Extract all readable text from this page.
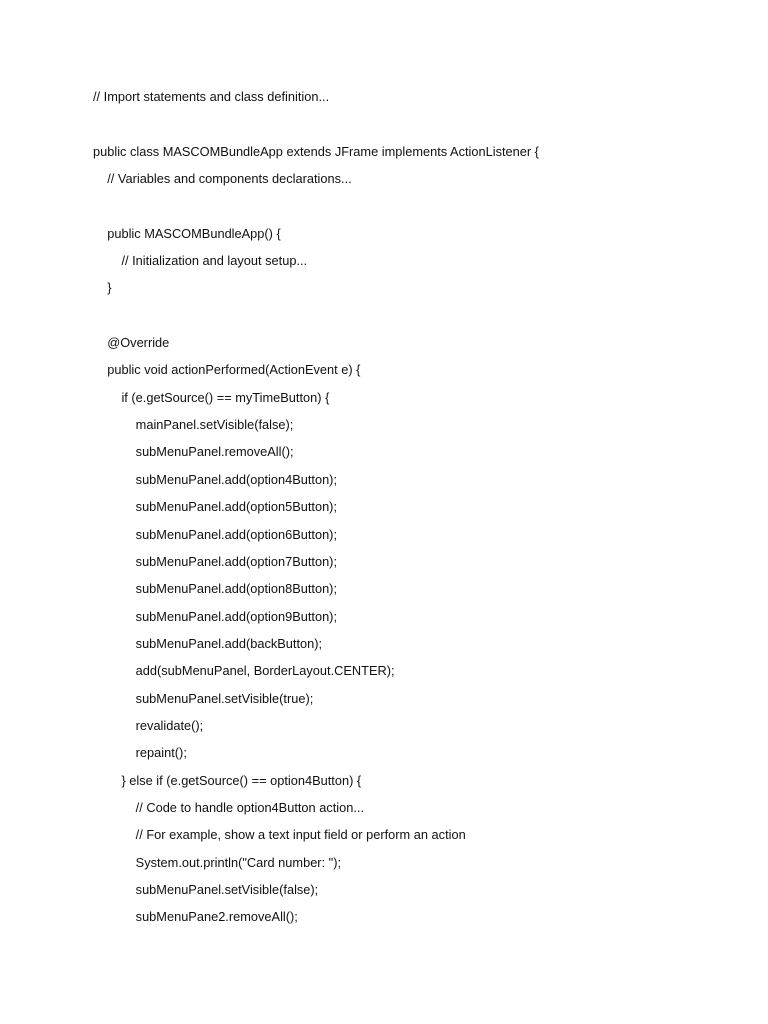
// Import statements and class definition...
public class MASCOMBundleApp extends JFrame implements ActionListener {
// Variables and components declarations...
public MASCOMBundleApp() {
// Initialization and layout setup...
}
@Override
public void actionPerformed(ActionEvent e) {
if (e.getSource() == myTimeButton) {
mainPanel.setVisible(false);
subMenuPanel.removeAll();
subMenuPanel.add(option4Button);
subMenuPanel.add(option5Button);
subMenuPanel.add(option6Button);
subMenuPanel.add(option7Button);
subMenuPanel.add(option8Button);
subMenuPanel.add(option9Button);
subMenuPanel.add(backButton);
add(subMenuPanel, BorderLayout.CENTER);
subMenuPanel.setVisible(true);
revalidate();
repaint();
} else if (e.getSource() == option4Button) {
// Code to handle option4Button action...
// For example, show a text input field or perform an action
System.out.println("Card number: ");
subMenuPanel.setVisible(false);
subMenuPane2.removeAll();
